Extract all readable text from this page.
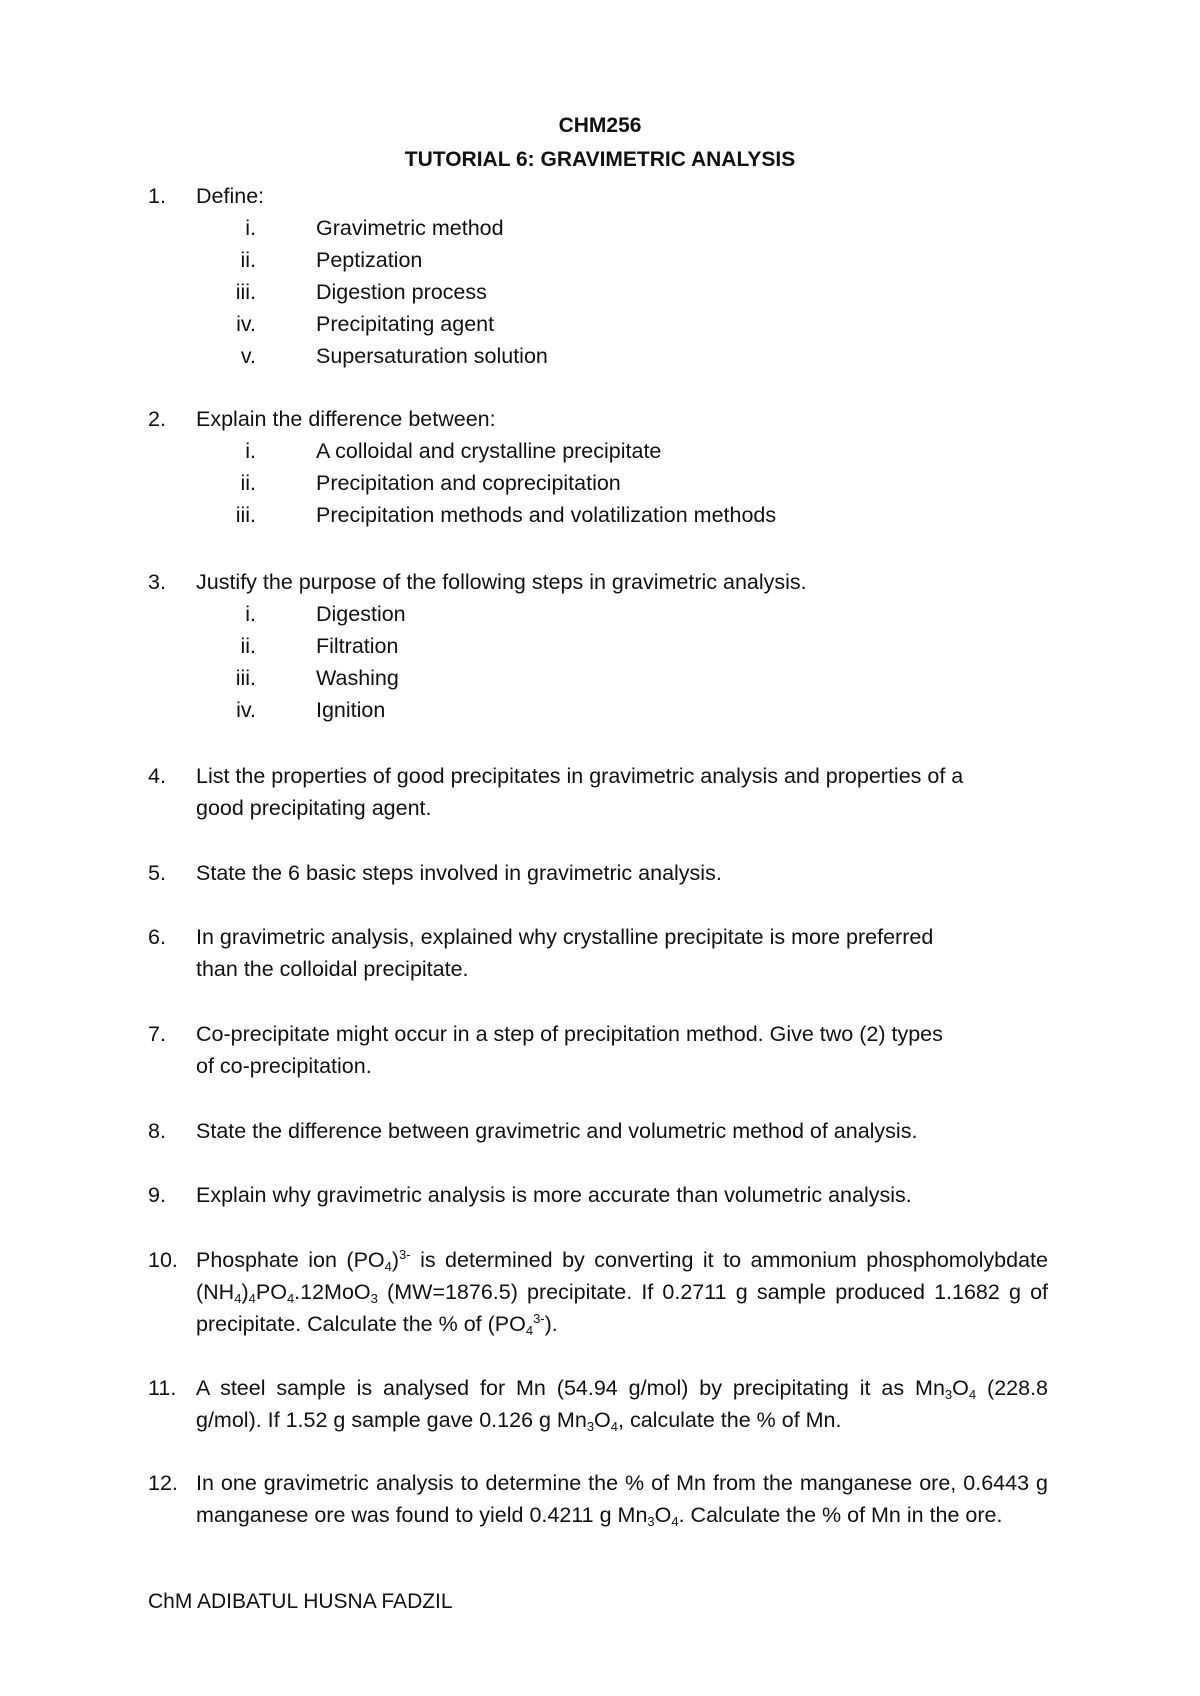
CHM256
TUTORIAL 6: GRAVIMETRIC ANALYSIS
1. Define:
i.	Gravimetric method
ii.	Peptization
iii.	Digestion process
iv.	Precipitating agent
v.	Supersaturation solution
2. Explain the difference between:
i.	A colloidal and crystalline precipitate
ii.	Precipitation and coprecipitation
iii.	Precipitation methods and volatilization methods
3. Justify the purpose of the following steps in gravimetric analysis.
i.	Digestion
ii.	Filtration
iii.	Washing
iv.	Ignition
4. List the properties of good precipitates in gravimetric analysis and properties of a
good precipitating agent.
5. State the 6 basic steps involved in gravimetric analysis.
6. In gravimetric analysis, explained why crystalline precipitate is more preferred
than the colloidal precipitate.
7. Co-precipitate might occur in a step of precipitation method. Give two (2) types
of co-precipitation.
8. State the difference between gravimetric and volumetric method of analysis.
9. Explain why gravimetric analysis is more accurate than volumetric analysis.
10. Phosphate ion $(PO_4)^{3-}$ is determined by converting it to ammonium phosphomolybdate $(NH_4)_4PO_4.12MoO_3$ (MW=1876.5) precipitate. If 0.2711 g sample produced 1.1682 g of precipitate. Calculate the % of $(PO_4^{3-})$.
11. A steel sample is analysed for Mn (54.94 g/mol) by precipitating it as $Mn_3O_4$ (228.8 g/mol). If 1.52 g sample gave 0.126 g $Mn_3O_4$, calculate the % of Mn.
12. In one gravimetric analysis to determine the % of Mn from the manganese ore, 0.6443 g manganese ore was found to yield 0.4211 g $Mn_3O_4$. Calculate the % of Mn in the ore.
ChM ADIBATUL HUSNA FADZIL
